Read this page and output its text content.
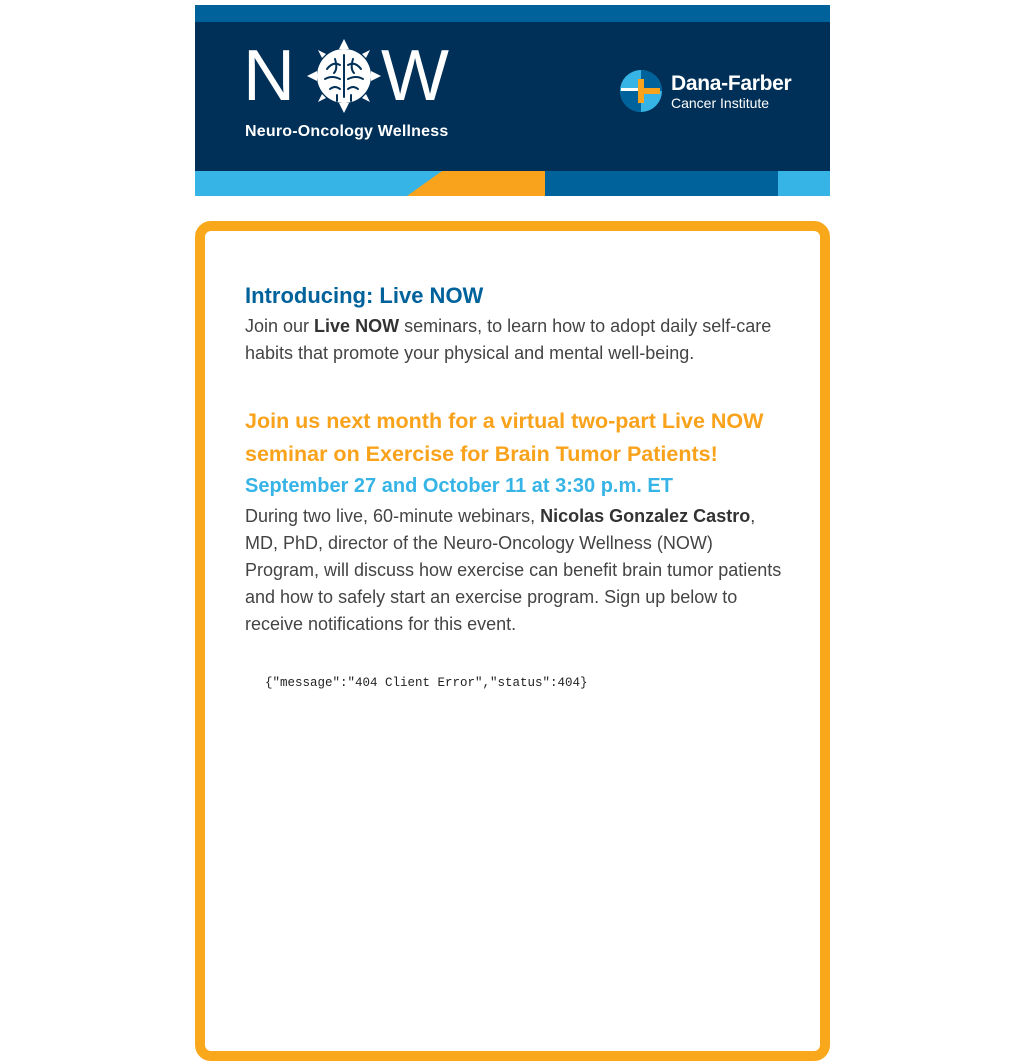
N W
Neuro-Oncology Wellness
Dana-Farber
Cancer Institute
Introducing: Live NOW

Join our Live NOW seminars, to learn how to adopt daily self-care habits that promote your physical and mental well-being.

Join us next month for a virtual two-part Live NOW seminar on Exercise for Brain Tumor Patients!
September 27 and October 11 at 3:30 p.m. ET

During two live, 60-minute webinars, Nicolas Gonzalez Castro, MD, PhD, director of the Neuro-Oncology Wellness (NOW) Program, will discuss how exercise can benefit brain tumor patients and how to safely start an exercise program. Sign up below to receive notifications for this event.

{"message":"404 Client Error","status":404}
